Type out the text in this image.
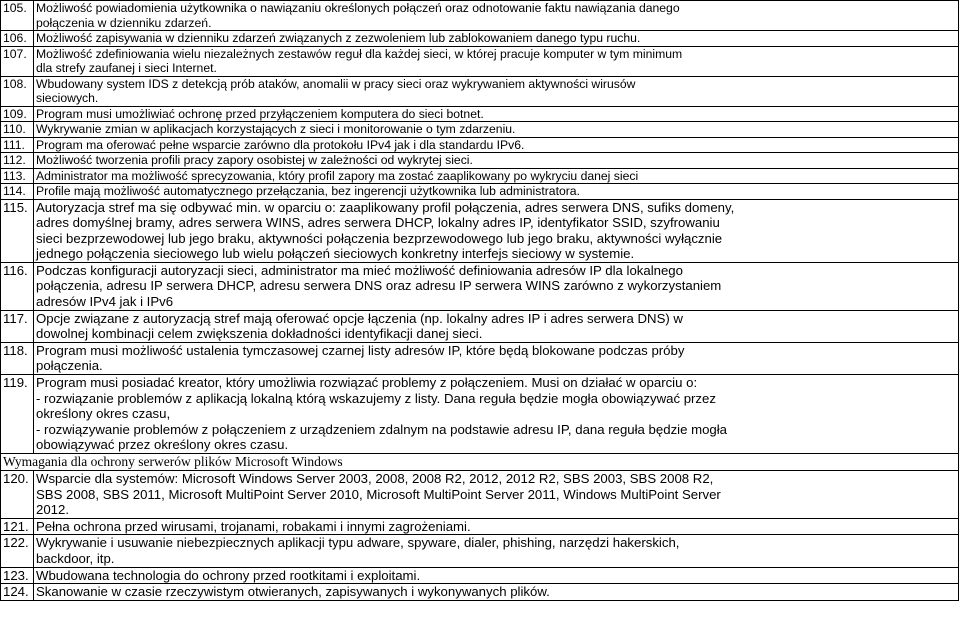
105.	Możliwość powiadomienia użytkownika o nawiązaniu określonych połączeń oraz odnotowanie faktu nawiązania danego
połączenia w dzienniku zdarzeń.

106.	Możliwość zapisywania w dzienniku zdarzeń związanych z zezwoleniem lub zablokowaniem danego typu ruchu.

107.	Możliwość zdefiniowania wielu niezależnych zestawów reguł dla każdej sieci, w której pracuje komputer w tym minimum
dla strefy zaufanej i sieci Internet.

108.	Wbudowany system IDS z detekcją prób ataków, anomalii w pracy sieci oraz wykrywaniem aktywności wirusów
sieciowych.

109.	Program musi umożliwiać ochronę przed przyłączeniem komputera do sieci botnet.

110.	Wykrywanie zmian w aplikacjach korzystających z sieci i monitorowanie o tym zdarzeniu.

111.	Program ma oferować pełne wsparcie zarówno dla protokołu IPv4 jak i dla standardu IPv6.

112.	Możliwość tworzenia profili pracy zapory osobistej w zależności od wykrytej sieci.

113.	Administrator ma możliwość sprecyzowania, który profil zapory ma zostać zaaplikowany po wykryciu danej sieci

114.	Profile mają możliwość automatycznego przełączania, bez ingerencji użytkownika lub administratora.

115.	Autoryzacja stref ma się odbywać min. w oparciu o: zaaplikowany profil połączenia, adres serwera DNS, sufiks domeny,
adres domyślnej bramy, adres serwera WINS, adres serwera DHCP, lokalny adres IP, identyfikator SSID, szyfrowaniu
sieci bezprzewodowej lub jego braku, aktywności połączenia bezprzewodowego lub jego braku, aktywności wyłącznie
jednego połączenia sieciowego lub wielu połączeń sieciowych konkretny interfejs sieciowy w systemie.

116.	Podczas konfiguracji autoryzacji sieci, administrator ma mieć możliwość definiowania adresów IP dla lokalnego
połączenia, adresu IP serwera DHCP, adresu serwera DNS oraz adresu IP serwera WINS zarówno z wykorzystaniem
adresów IPv4 jak i IPv6

117.	Opcje związane z autoryzacją stref mają oferować opcje łączenia (np. lokalny adres IP i adres serwera DNS) w
dowolnej kombinacji celem zwiększenia dokładności identyfikacji danej sieci.

118.	Program musi możliwość ustalenia tymczasowej czarnej listy adresów IP, które będą blokowane podczas próby
połączenia.

119.	Program musi posiadać kreator, który umożliwia rozwiązać problemy z połączeniem. Musi on działać w oparciu o:
- rozwiązanie problemów z aplikacją lokalną którą wskazujemy z listy. Dana reguła będzie mogła obowiązywać przez
określony okres czasu,
- rozwiązywanie problemów z połączeniem z urządzeniem zdalnym na podstawie adresu IP, dana reguła będzie mogła
obowiązywać przez określony okres czasu.

Wymagania dla ochrony serwerów plików Microsoft Windows	
120.	Wsparcie dla systemów: Microsoft Windows Server 2003, 2008, 2008 R2, 2012, 2012 R2, SBS 2003, SBS 2008 R2,
SBS 2008, SBS 2011, Microsoft MultiPoint Server 2010, Microsoft MultiPoint Server 2011, Windows MultiPoint Server
2012.

121.	Pełna ochrona przed wirusami, trojanami, robakami i innymi zagrożeniami.

122.	Wykrywanie i usuwanie niebezpiecznych aplikacji typu adware, spyware, dialer, phishing, narzędzi hakerskich,
backdoor, itp.

123.	Wbudowana technologia do ochrony przed rootkitami i exploitami.

124.	Skanowanie w czasie rzeczywistym otwieranych, zapisywanych i wykonywanych plików.
